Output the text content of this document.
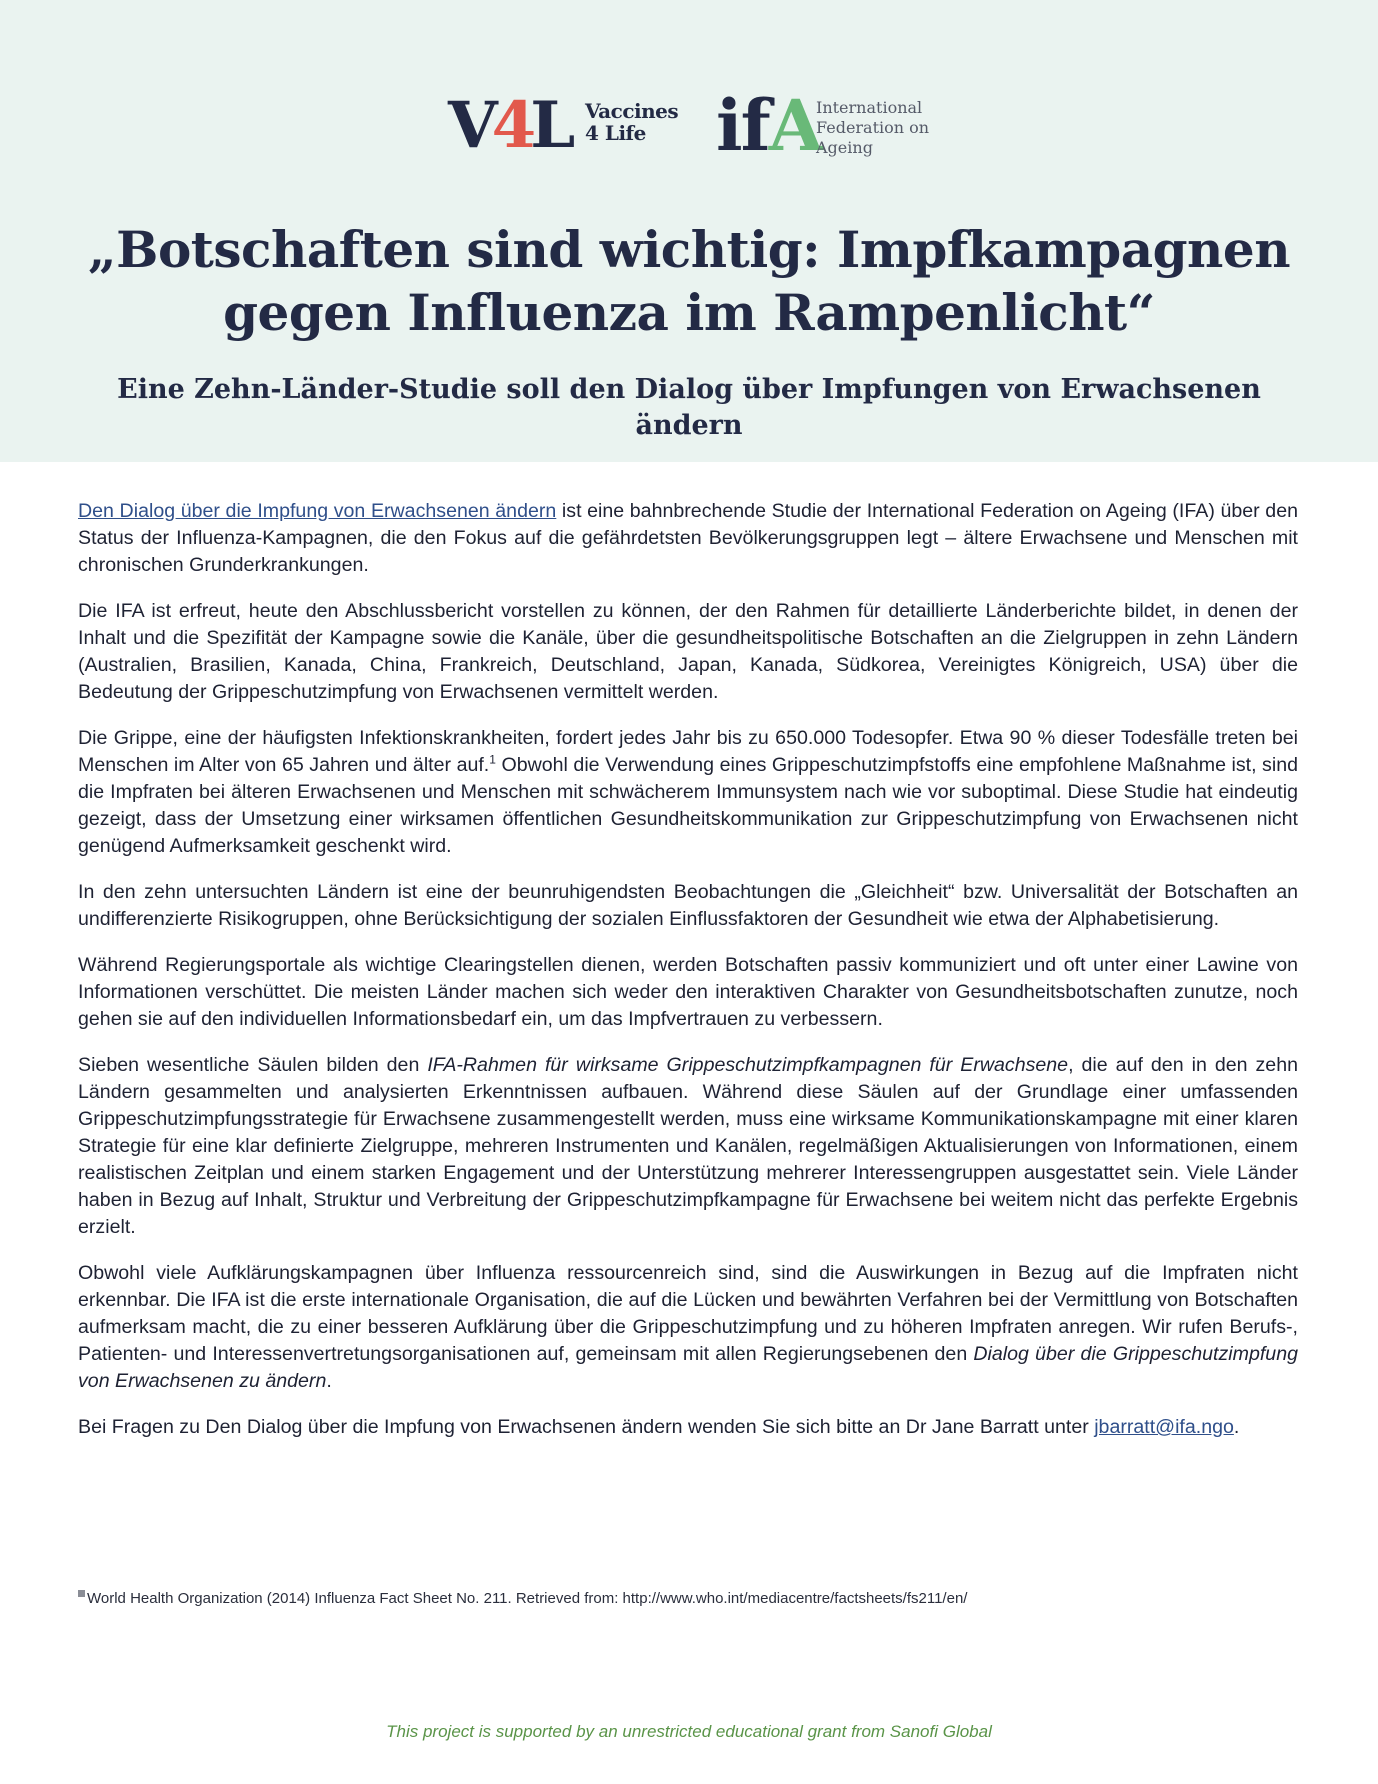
V4L Vaccines 4 Life	ifA
International Federation on Ageing
„Botschaften sind wichtig: Impfkampagnen gegen Influenza im Rampenlicht“
Eine Zehn-Länder-Studie soll den Dialog über Impfungen von Erwachsenen ändern

Den Dialog über die Impfung von Erwachsenen ändern ist eine bahnbrechende Studie der International Federation on Ageing (IFA) über den Status der Influenza-Kampagnen, die den Fokus auf die gefährdetsten Bevölkerungsgruppen legt – ältere Erwachsene und Menschen mit chronischen Grunderkrankungen.

Die IFA ist erfreut, heute den Abschlussbericht vorstellen zu können, der den Rahmen für detaillierte Länderberichte bildet, in denen der Inhalt und die Spezifität der Kampagne sowie die Kanäle, über die gesundheitspolitische Botschaften an die Zielgruppen in zehn Ländern (Australien, Brasilien, Kanada, China, Frankreich, Deutschland, Japan, Kanada, Südkorea, Vereinigtes Königreich, USA) über die Bedeutung der Grippeschutzimpfung von Erwachsenen vermittelt werden.

Die Grippe, eine der häufigsten Infektionskrankheiten, fordert jedes Jahr bis zu 650.000 Todesopfer. Etwa 90 % dieser Todesfälle treten bei Menschen im Alter von 65 Jahren und älter auf.$^1$ Obwohl die Verwendung eines Grippeschutzimpfstoffs eine empfohlene Maßnahme ist, sind die Impfraten bei älteren Erwachsenen und Menschen mit schwächerem Immunsystem nach wie vor suboptimal. Diese Studie hat eindeutig gezeigt, dass der Umsetzung einer wirksamen öffentlichen Gesundheitskommunikation zur Grippeschutzimpfung von Erwachsenen nicht genügend Aufmerksamkeit geschenkt wird.

In den zehn untersuchten Ländern ist eine der beunruhigendsten Beobachtungen die „Gleichheit“ bzw. Universalität der Botschaften an undifferenzierte Risikogruppen, ohne Berücksichtigung der sozialen Einflussfaktoren der Gesundheit wie etwa der Alphabetisierung.

Während Regierungsportale als wichtige Clearingstellen dienen, werden Botschaften passiv kommuniziert und oft unter einer Lawine von Informationen verschüttet. Die meisten Länder machen sich weder den interaktiven Charakter von Gesundheitsbotschaften zunutze, noch gehen sie auf den individuellen Informationsbedarf ein, um das Impfvertrauen zu verbessern.

Sieben wesentliche Säulen bilden den IFA-Rahmen für wirksame Grippeschutzimpfkampagnen für Erwachsene, die auf den in den zehn Ländern gesammelten und analysierten Erkenntnissen aufbauen. Während diese Säulen auf der Grundlage einer umfassenden Grippeschutzimpfungsstrategie für Erwachsene zusammengestellt werden, muss eine wirksame Kommunikationskampagne mit einer klaren Strategie für eine klar definierte Zielgruppe, mehreren Instrumenten und Kanälen, regelmäßigen Aktualisierungen von Informationen, einem realistischen Zeitplan und einem starken Engagement und der Unterstützung mehrerer Interessengruppen ausgestattet sein. Viele Länder haben in Bezug auf Inhalt, Struktur und Verbreitung der Grippeschutzimpfkampagne für Erwachsene bei weitem nicht das perfekte Ergebnis erzielt.

Obwohl viele Aufklärungskampagnen über Influenza ressourcenreich sind, sind die Auswirkungen in Bezug auf die Impfraten nicht erkennbar. Die IFA ist die erste internationale Organisation, die auf die Lücken und bewährten Verfahren bei der Vermittlung von Botschaften aufmerksam macht, die zu einer besseren Aufklärung über die Grippeschutzimpfung und zu höheren Impfraten anregen. Wir rufen Berufs-, Patienten- und Interessenvertretungsorganisationen auf, gemeinsam mit allen Regierungsebenen den Dialog über die Grippeschutzimpfung von Erwachsenen zu ändern.

Bei Fragen zu Den Dialog über die Impfung von Erwachsenen ändern wenden Sie sich bitte an Dr Jane Barratt unter jbarratt@ifa.ngo.

World Health Organization (2014) Influenza Fact Sheet No. 211. Retrieved from: http://www.who.int/mediacentre/factsheets/fs211/en/
This project is supported by an unrestricted educational grant from Sanofi Global
